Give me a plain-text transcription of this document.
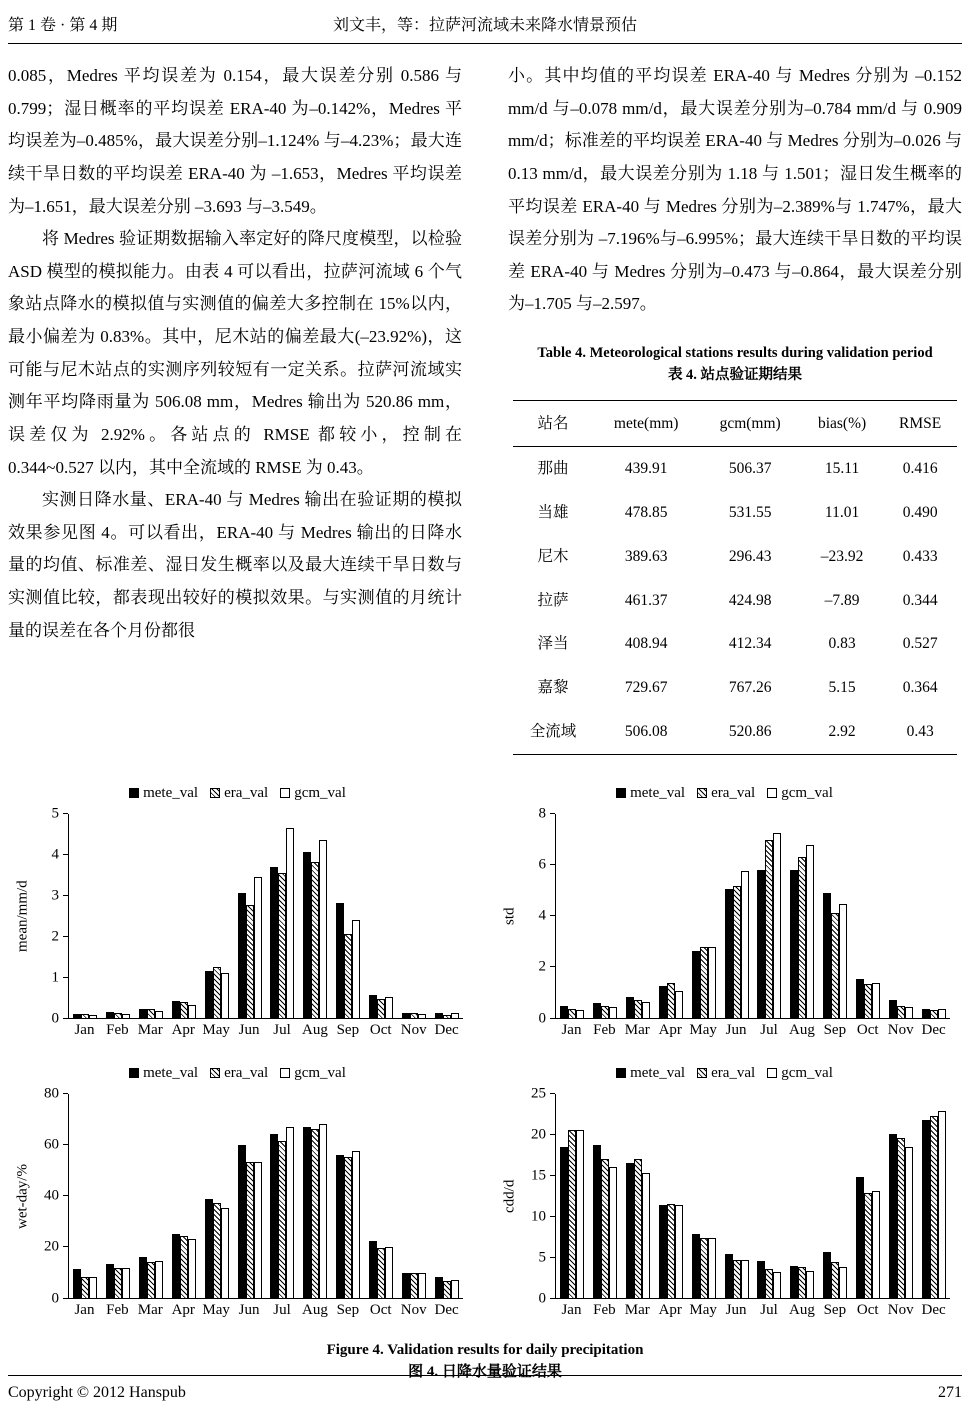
第 1 卷 · 第 4 期	刘文丰，等：拉萨河流域未来降水情景预估

0.085，Medres 平均误差为 0.154，最大误差分别 0.586 与 0.799；湿日概率的平均误差 ERA-40 为–0.142%，Medres 平均误差为–0.485%，最大误差分别–1.124% 与–4.23%；最大连续干旱日数的平均误差 ERA-40 为 –1.653，Medres 平均误差为–1.651，最大误差分别 –3.693 与–3.549。

将 Medres 验证期数据输入率定好的降尺度模型，以检验 ASD 模型的模拟能力。由表 4 可以看出，拉萨河流域 6 个气象站点降水的模拟值与实测值的偏差大多控制在 15%以内，最小偏差为 0.83%。其中，尼木站的偏差最大(–23.92%)，这可能与尼木站点的实测序列较短有一定关系。拉萨河流域实测年平均降雨量为 506.08 mm，Medres 输出为 520.86 mm，误差仅为 2.92%。各站点的 RMSE 都较小，控制在 0.344~0.527 以内，其中全流域的 RMSE 为 0.43。

实测日降水量、ERA-40 与 Medres 输出在验证期的模拟效果参见图 4。可以看出，ERA-40 与 Medres 输出的日降水量的均值、标准差、湿日发生概率以及最大连续干旱日数与实测值比较，都表现出较好的模拟效果。与实测值的月统计量的误差在各个月份都很

小。其中均值的平均误差 ERA-40 与 Medres 分别为 –0.152 mm/d 与–0.078 mm/d，最大误差分别为–0.784 mm/d 与 0.909 mm/d；标准差的平均误差 ERA-40 与 Medres 分别为–0.026 与 0.13 mm/d，最大误差分别为 1.18 与 1.501；湿日发生概率的平均误差 ERA-40 与 Medres 分别为–2.389%与 1.747%，最大误差分别为 –7.196%与–6.995%；最大连续干旱日数的平均误差 ERA-40 与 Medres 分别为–0.473 与–0.864，最大误差分别为–1.705 与–2.597。

Table 4. Meteorological stations results during validation period
表 4. 站点验证期结果
站名	mete(mm)	gcm(mm)	bias(%)	RMSE
那曲	439.91	506.37	15.11	0.416
当雄	478.85	531.55	11.01	0.490
尼木	389.63	296.43	–23.92	0.433
拉萨	461.37	424.98	–7.89	0.344
泽当	408.94	412.34	0.83	0.527
嘉黎	729.67	767.26	5.15	0.364
全流域	506.08	520.86	2.92	0.43
mete_val era_val gcm_val
mean/mm/d
0
1
2
3
4
5
Jan Feb Mar Apr May Jun Jul Aug Sep Oct Nov Dec
mete_val era_val gcm_val
std
0
2
4
6
8
Jan Feb Mar Apr May Jun Jul Aug Sep Oct Nov Dec
mete_val era_val gcm_val
wet-day/%
0
20
40
60
80
Jan Feb Mar Apr May Jun Jul Aug Sep Oct Nov Dec
mete_val era_val gcm_val
cdd/d
0
5
10
15
20
25
Jan Feb Mar Apr May Jun Jul Aug Sep Oct Nov Dec
Figure 4. Validation results for daily precipitation
图 4. 日降水量验证结果
Copyright © 2012 Hanspub	271
